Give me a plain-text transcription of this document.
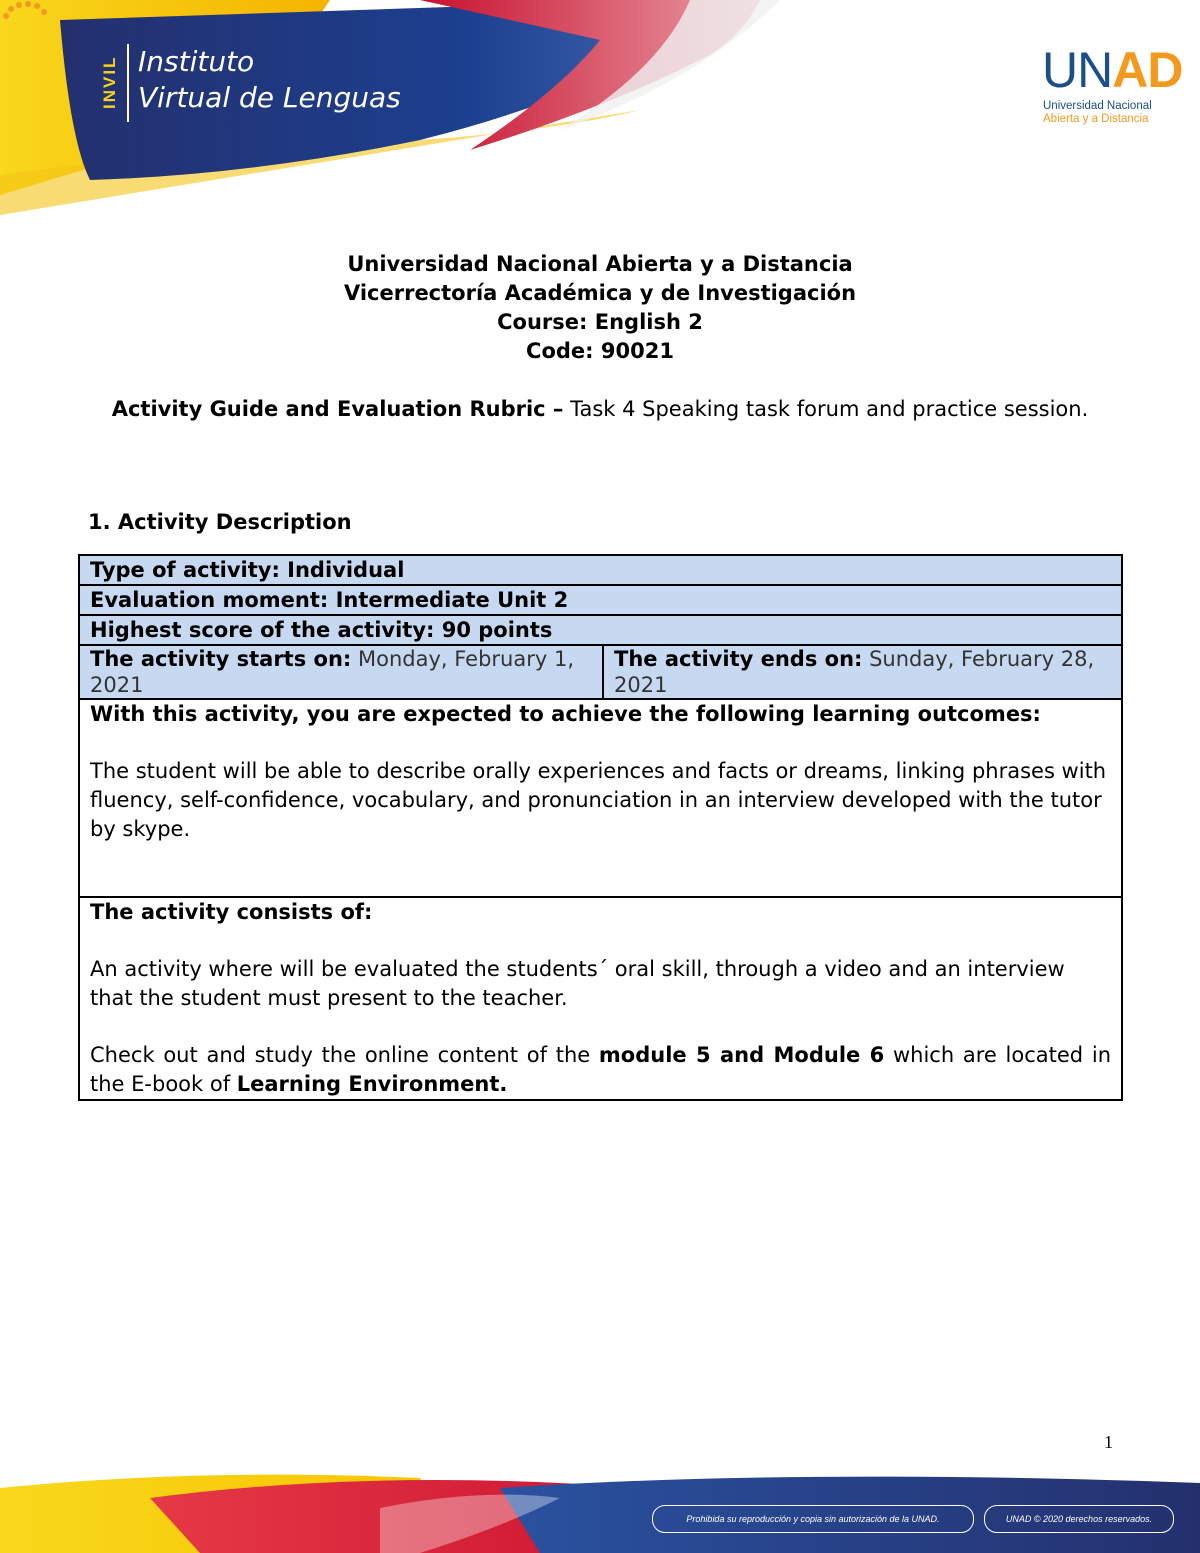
INVIL Instituto
Virtual de Lenguas	UNAD
Universidad Nacional
Abierta y a Distancia
Universidad Nacional Abierta y a Distancia
Vicerrectoría Académica y de Investigación
Course: English 2
Code: 90021
Activity Guide and Evaluation Rubric – Task 4 Speaking task forum and practice session.
1. Activity Description
Type of activity: Individual
Evaluation moment: Intermediate Unit 2
Highest score of the activity: 90 points
The activity starts on: Monday, February 1, 2021	The activity ends on: Sunday, February 28, 2021

With this activity, you are expected to achieve the following learning outcomes:

The student will be able to describe orally experiences and facts or dreams, linking phrases with fluency, self-confidence, vocabulary, and pronunciation in an interview developed with the tutor by skype.

The activity consists of:

An activity where will be evaluated the students´ oral skill, through a video and an interview that the student must present to the teacher.

Check out and study the online content of the module 5 and Module 6 which are located in the E-book of Learning Environment.

1
Prohibida su reproducción y copia sin autorización de la UNAD.	UNAD © 2020 derechos reservados.
